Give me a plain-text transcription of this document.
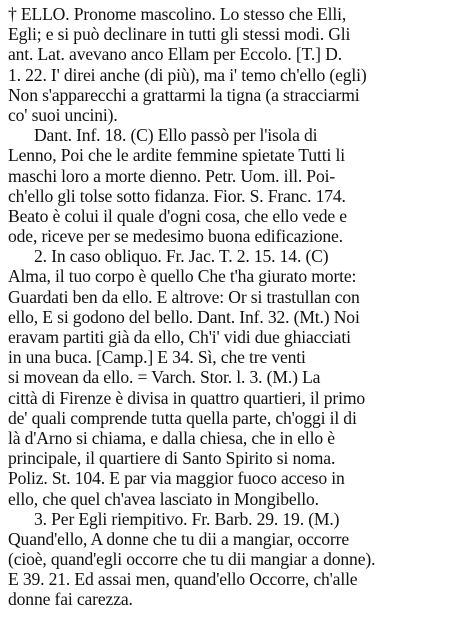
† ELLO. Pronome mascolino. Lo stesso che Elli,
Egli; e si può declinare in tutti gli stessi modi. Gli
ant. Lat. avevano anco Ellam per Eccolo. [T.] D.
1. 22. I' direi anche (di più), ma i' temo ch'ello (egli)
Non s'apparecchi a grattarmi la tigna (a stracciarmi
co' suoi uncini).
Dant. Inf. 18. (C) Ello passò per l'isola di
Lenno, Poi che le ardite femmine spietate Tutti li
maschi loro a morte dienno. Petr. Uom. ill. Poi-
ch'ello gli tolse sotto fidanza. Fior. S. Franc. 174.
Beato è colui il quale d'ogni cosa, che ello vede e
ode, riceve per se medesimo buona edificazione.
2. In caso obliquo. Fr. Jac. T. 2. 15. 14. (C)
Alma, il tuo corpo è quello Che t'ha giurato morte:
Guardati ben da ello. E altrove: Or si trastullan con
ello, E si godono del bello. Dant. Inf. 32. (Mt.) Noi
eravam partiti già da ello, Ch'i' vidi due ghiacciati
in una buca. [Camp.] E 34. Sì, che tre venti
si movean da ello. = Varch. Stor. l. 3. (M.) La
città di Firenze è divisa in quattro quartieri, il primo
de' quali comprende tutta quella parte, ch'oggi il di
là d'Arno si chiama, e dalla chiesa, che in ello è
principale, il quartiere di Santo Spirito si noma.
Poliz. St. 104. E par via maggior fuoco acceso in
ello, che quel ch'avea lasciato in Mongibello.
3. Per Egli riempitivo. Fr. Barb. 29. 19. (M.)
Quand'ello, A donne che tu dii a mangiar, occorre
(cioè, quand'egli occorre che tu dii mangiar a donne).
E 39. 21. Ed assai men, quand'ello Occorre, ch'alle
donne fai carezza.
